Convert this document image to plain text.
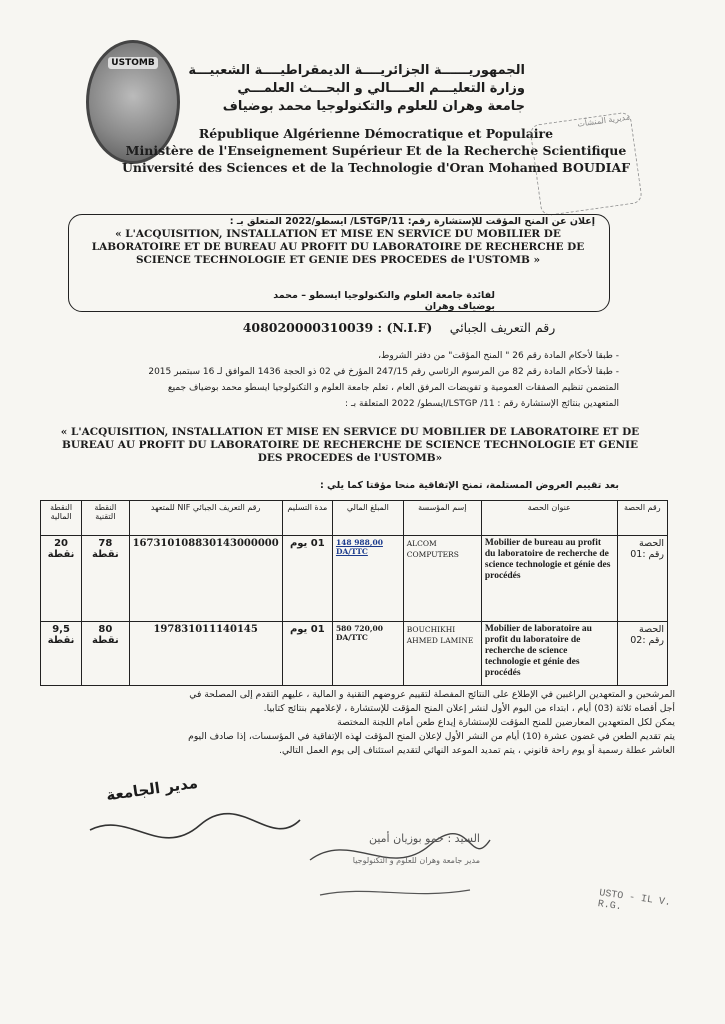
USTOMB	الجمهوريــــــة الجزائريــــة الديمقراطيــــة الشعبيـــة
وزارة التعليـــم العــــالي و البحـــث العلمـــي
جامعة وهران للعلوم والتكنولوجيا محمد بوضياف
République Algérienne Démocratique et Populaire
Ministère de l'Enseignement Supérieur Et de la Recherche Scientifique
Université des Sciences et de la Technologie d'Oran Mohamed BOUDIAF
مديرية المنشآت
إعلان عن المنح المؤقت للإستشارة رقم: LSTGP/11/ ايسطو/2022 المتعلق بـ :
« L'ACQUISITION, INSTALLATION ET MISE EN SERVICE DU MOBILIER DE LABORATOIRE ET DE BUREAU AU PROFIT DU LABORATOIRE DE RECHERCHE DE SCIENCE TECHNOLOGIE ET GENIE DES PROCEDES de l'USTOMB »
لفائدة جامعة العلوم والتكنولوجيا ايسطو – محمد بوضياف وهران
408020000310039 : (N.I.F) رقم التعريف الجبائي
- طبقا لأحكام المادة رقم 26 " المنح المؤقت" من دفتر الشروط،
- طبقا لأحكام المادة رقم 82 من المرسوم الرئاسي رقم 247/15 المؤرخ في 02 ذو الحجة 1436 الموافق لـ 16 سبتمبر 2015
المتضمن تنظيم الصفقات العمومية و تفويضات المرفق العام ، تعلم جامعة العلوم و التكنولوجيا ايسطو محمد بوضياف جميع
المتعهدين بنتائج الإستشارة رقم : LSTGP /11/ايسطو/ 2022 المتعلقة بـ :
« L'ACQUISITION, INSTALLATION ET MISE EN SERVICE DU MOBILIER DE LABORATOIRE ET DE BUREAU AU PROFIT DU LABORATOIRE DE RECHERCHE DE SCIENCE TECHNOLOGIE ET GENIE DES PROCEDES de l'USTOMB»
بعد تقييم العروض المستلمة، تمنح الإتفاقية منحا مؤقتا كما يلي :
النقطة المالية	النقطة التقنية	رقم التعريف الجبائي NIF للمتعهد	مدة التسليم	المبلغ المالي	إسم المؤسسة	عنوان الحصة	رقم الحصة
20 نقطة	78 نقطة	167310108830143000000	01 يوم	148 988,00 DA/TTC	ALCOM COMPUTERS	Mobilier de bureau au profit du laboratoire de recherche de science technologie et génie des procédés	الحصة رقم :01
9,5 نقطة	80 نقطة	197831011140145	01 يوم	580 720,00 DA/TTC	BOUCHIKHI AHMED LAMINE	Mobilier de laboratoire au profit du laboratoire de recherche de science technologie et génie des procédés	الحصة رقم :02
المرشحين و المتعهدين الراغبين في الإطلاع على النتائج المفصلة لتقييم عروضهم التقنية و المالية ، عليهم التقدم إلى المصلحة في
أجل أقصاه ثلاثة (03) أيام ، ابتداء من اليوم الأول لنشر إعلان المنح المؤقت للإستشارة ، لإعلامهم بنتائج كتابيا.
يمكن لكل المتعهدين المعارضين للمنح المؤقت للإستشارة إيداع طعن أمام اللجنة المختصة
يتم تقديم الطعن في غضون عشرة (10) أيام من النشر الأول لإعلان المنح المؤقت لهذه الإتفاقية في المؤسسات، إذا صادف اليوم
العاشر عطلة رسمية أو يوم راحة قانوني ، يتم تمديد الموعد النهائي لتقديم استئناف إلى يوم العمل التالي.
مدير الجامعة
السيد : حمو بوزيان أمين
مدير جامعة وهران للعلوم و التكنولوجيا
USTO - IL V. R.G.
